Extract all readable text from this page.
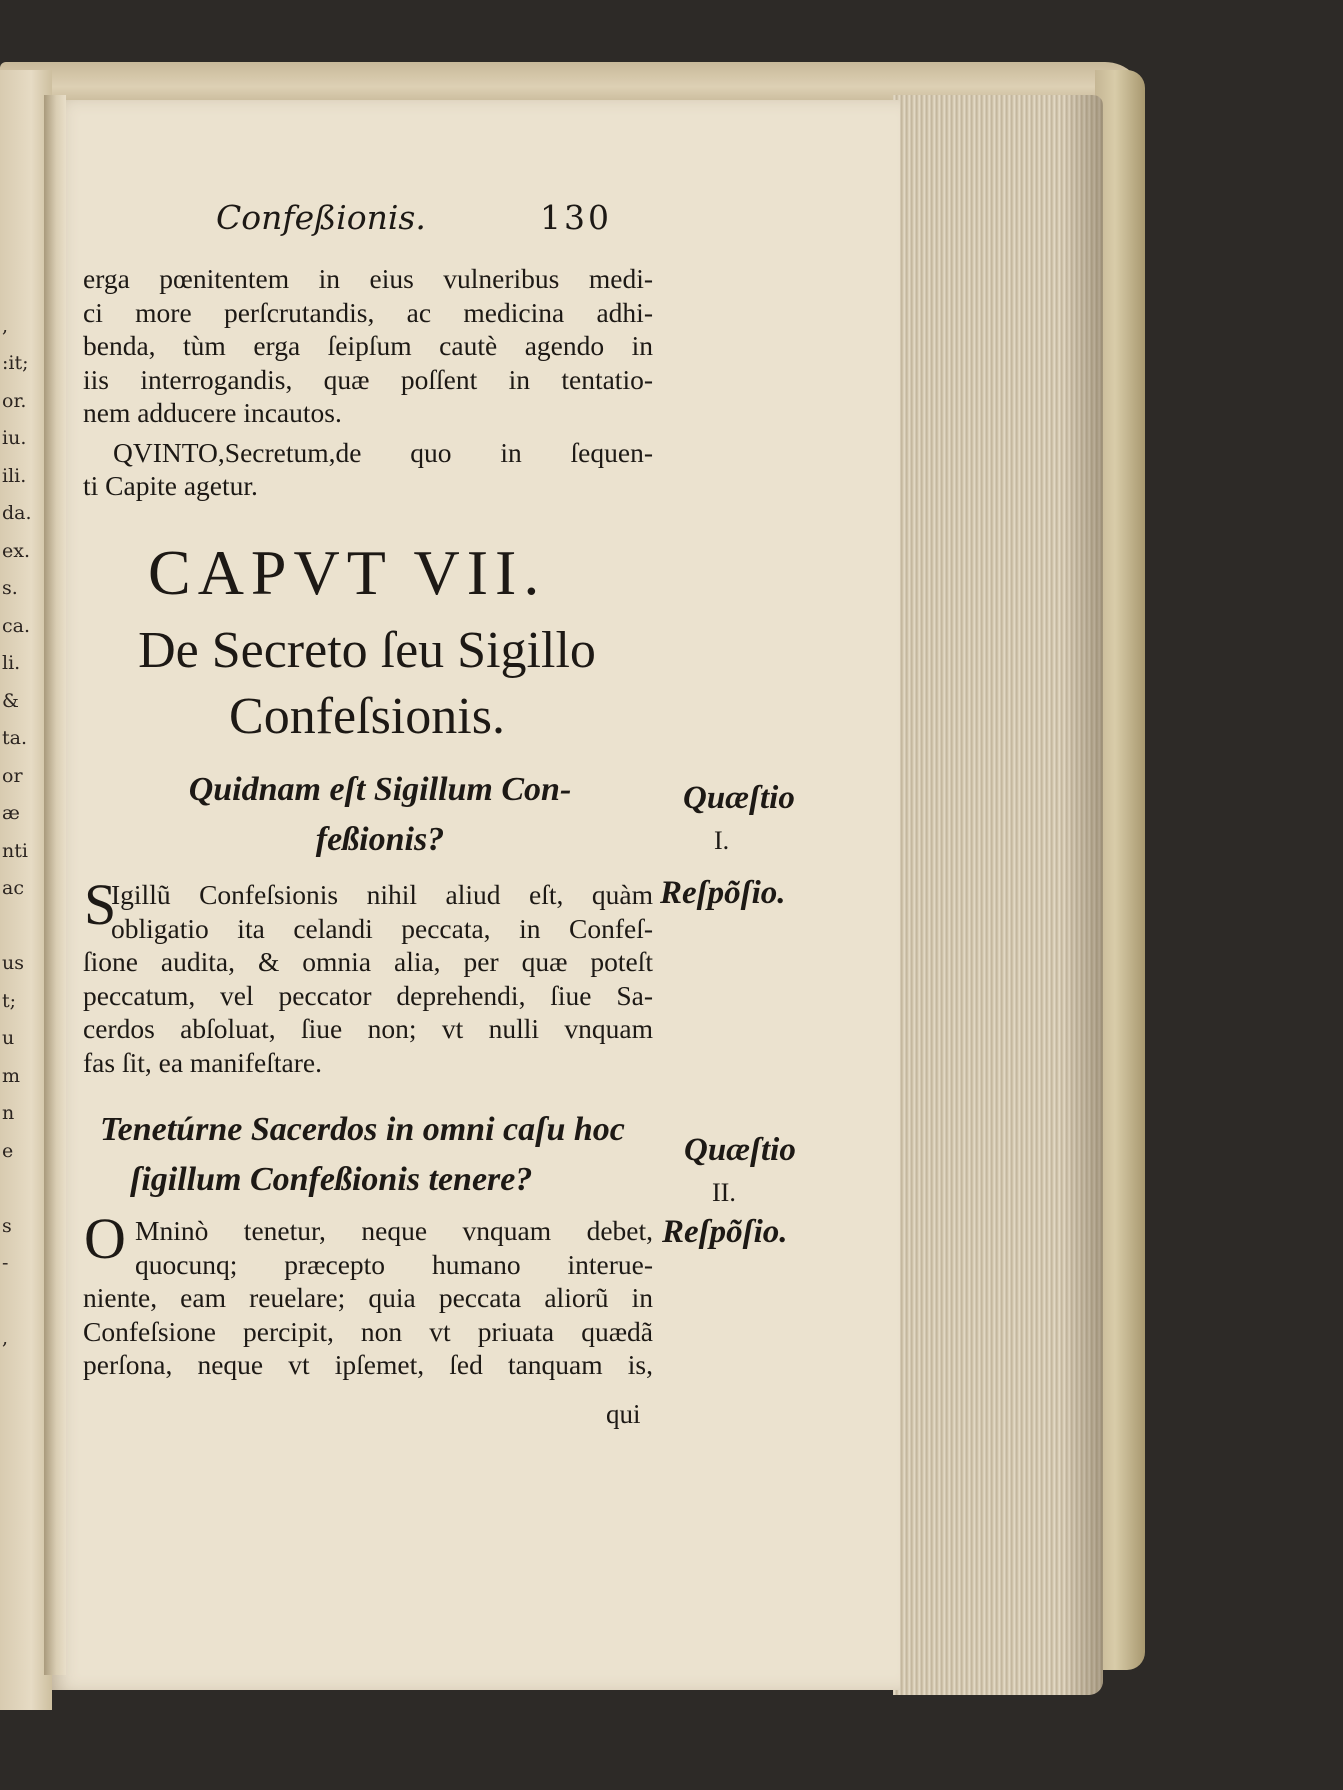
,
:it;
or.
iu.
ili.
da.
ex.
s.
ca.
li.
&
ta.
or
æ
nti
ac
us
t;
u
m
n
e
s
-
,
Confeßionis.	130
erga pœnitentem in eius vulneribus medi-
ci more perſcrutandis, ac medicina adhi-
benda, tùm erga ſeipſum cautè agendo in
iis interrogandis, quæ poſſent in tentatio-
nem adducere incautos.
QVINTO,Secretum,de quo in ſequen-
ti Capite agetur.
CAPVT VII.
De Secreto ſeu Sigillo
Confeſsionis.
Quidnam eſt Sigillum Con-
feßionis?
Quæſtio
I.
Reſpõſio.
S
Igillũ Confeſsionis nihil aliud eſt, quàm
obligatio ita celandi peccata, in Confeſ-
ſione audita, & omnia alia, per quæ poteſt
peccatum, vel peccator deprehendi, ſiue Sa-
cerdos abſoluat, ſiue non; vt nulli vnquam
fas ſit, ea manifeſtare.
Tenetúrne Sacerdos in omni caſu hoc
ſigillum Confeßionis tenere?
Quæſtio
II.
Reſpõſio.
O Mninò tenetur, neque vnquam debet,
quocunq; præcepto humano interue-
niente, eam reuelare; quia peccata aliorũ in
Confeſsione percipit, non vt priuata quædã
perſona, neque vt ipſemet, ſed tanquam is,
qui
